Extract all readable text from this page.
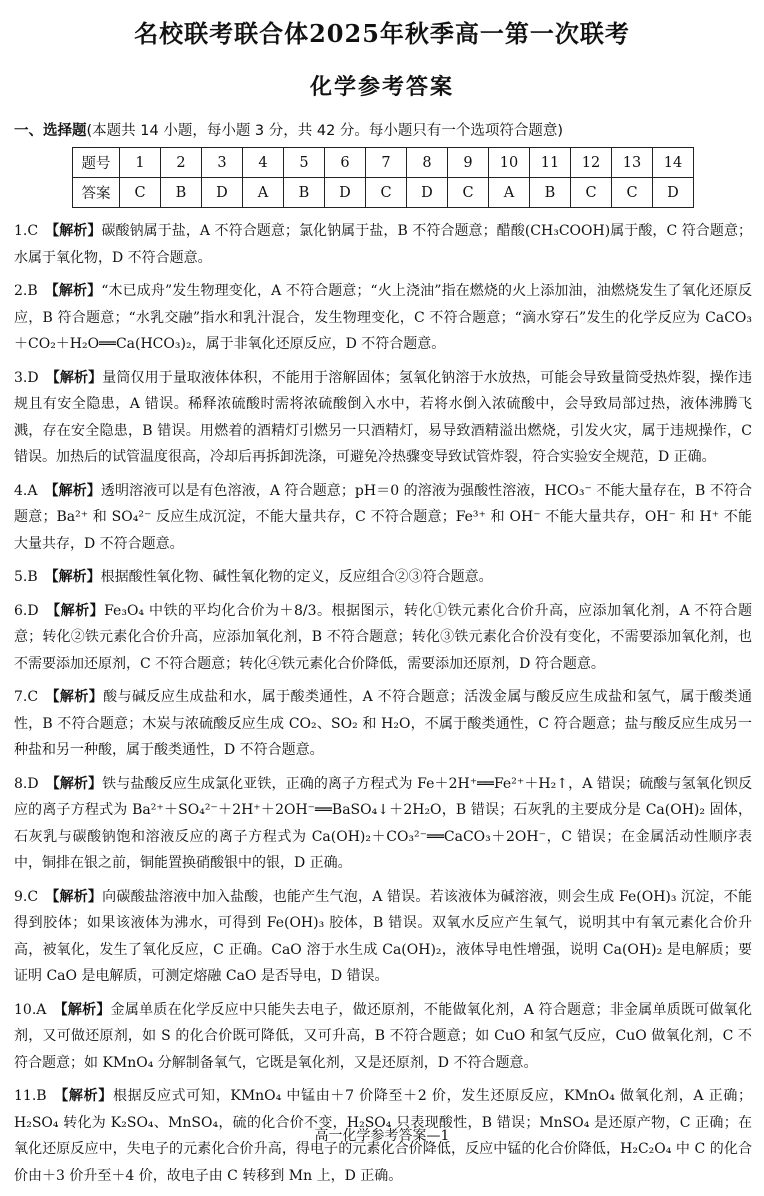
名校联考联合体2025年秋季高一第一次联考
化学参考答案
一、选择题(本题共 14 小题，每小题 3 分，共 42 分。每小题只有一个选项符合题意)
题号	1	2	3	4	5	6	7	8	9	10	11	12	13	14
答案	C	B	D	A	B	D	C	D	C	A	B	C	C	D
1.C  【解析】碳酸钠属于盐，A 不符合题意；氯化钠属于盐，B 不符合题意；醋酸(CH₃COOH)属于酸，C 符合题意；水属于氧化物，D 不符合题意。
2.B  【解析】“木已成舟”发生物理变化，A 不符合题意；“火上浇油”指在燃烧的火上添加油，油燃烧发生了氧化还原反应，B 符合题意；“水乳交融”指水和乳汁混合，发生物理变化，C 不符合题意；“滴水穿石”发生的化学反应为 CaCO₃＋CO₂＋H₂O══Ca(HCO₃)₂，属于非氧化还原反应，D 不符合题意。
3.D  【解析】量筒仅用于量取液体体积，不能用于溶解固体；氢氧化钠溶于水放热，可能会导致量筒受热炸裂，操作违规且有安全隐患，A 错误。稀释浓硫酸时需将浓硫酸倒入水中，若将水倒入浓硫酸中，会导致局部过热，液体沸腾飞溅，存在安全隐患，B 错误。用燃着的酒精灯引燃另一只酒精灯，易导致酒精溢出燃烧，引发火灾，属于违规操作，C 错误。加热后的试管温度很高，冷却后再拆卸洗涤，可避免冷热骤变导致试管炸裂，符合实验安全规范，D 正确。
4.A  【解析】透明溶液可以是有色溶液，A 符合题意；pH＝0 的溶液为强酸性溶液，HCO₃⁻ 不能大量存在，B 不符合题意；Ba²⁺ 和 SO₄²⁻ 反应生成沉淀，不能大量共存，C 不符合题意；Fe³⁺ 和 OH⁻ 不能大量共存，OH⁻ 和 H⁺ 不能大量共存，D 不符合题意。
5.B  【解析】根据酸性氧化物、碱性氧化物的定义，反应组合②③符合题意。
6.D  【解析】Fe₃O₄ 中铁的平均化合价为＋8/3。根据图示，转化①铁元素化合价升高，应添加氧化剂，A 不符合题意；转化②铁元素化合价升高，应添加氧化剂，B 不符合题意；转化③铁元素化合价没有变化，不需要添加氧化剂，也不需要添加还原剂，C 不符合题意；转化④铁元素化合价降低，需要添加还原剂，D 符合题意。
7.C  【解析】酸与碱反应生成盐和水，属于酸类通性，A 不符合题意；活泼金属与酸反应生成盐和氢气，属于酸类通性，B 不符合题意；木炭与浓硫酸反应生成 CO₂、SO₂ 和 H₂O，不属于酸类通性，C 符合题意；盐与酸反应生成另一种盐和另一种酸，属于酸类通性，D 不符合题意。
8.D  【解析】铁与盐酸反应生成氯化亚铁，正确的离子方程式为 Fe＋2H⁺══Fe²⁺＋H₂↑，A 错误；硫酸与氢氧化钡反应的离子方程式为 Ba²⁺＋SO₄²⁻＋2H⁺＋2OH⁻══BaSO₄↓＋2H₂O，B 错误；石灰乳的主要成分是 Ca(OH)₂ 固体，石灰乳与碳酸钠饱和溶液反应的离子方程式为 Ca(OH)₂＋CO₃²⁻══CaCO₃＋2OH⁻，C 错误；在金属活动性顺序表中，铜排在银之前，铜能置换硝酸银中的银，D 正确。
9.C  【解析】向碳酸盐溶液中加入盐酸，也能产生气泡，A 错误。若该液体为碱溶液，则会生成 Fe(OH)₃ 沉淀，不能得到胶体；如果该液体为沸水，可得到 Fe(OH)₃ 胶体，B 错误。双氧水反应产生氧气，说明其中有氧元素化合价升高，被氧化，发生了氧化反应，C 正确。CaO 溶于水生成 Ca(OH)₂，液体导电性增强，说明 Ca(OH)₂ 是电解质；要证明 CaO 是电解质，可测定熔融 CaO 是否导电，D 错误。
10.A  【解析】金属单质在化学反应中只能失去电子，做还原剂，不能做氧化剂，A 符合题意；非金属单质既可做氧化剂，又可做还原剂，如 S 的化合价既可降低，又可升高，B 不符合题意；如 CuO 和氢气反应，CuO 做氧化剂，C 不符合题意；如 KMnO₄ 分解制备氧气，它既是氧化剂，又是还原剂，D 不符合题意。
11.B  【解析】根据反应式可知，KMnO₄ 中锰由＋7 价降至＋2 价，发生还原反应，KMnO₄ 做氧化剂，A 正确；H₂SO₄ 转化为 K₂SO₄、MnSO₄，硫的化合价不变，H₂SO₄ 只表现酸性，B 错误；MnSO₄ 是还原产物，C 正确；在氧化还原反应中，失电子的元素化合价升高，得电子的元素化合价降低，反应中锰的化合价降低，H₂C₂O₄ 中 C 的化合价由＋3 价升至＋4 价，故电子由 C 转移到 Mn 上，D 正确。
高一化学参考答案—1
